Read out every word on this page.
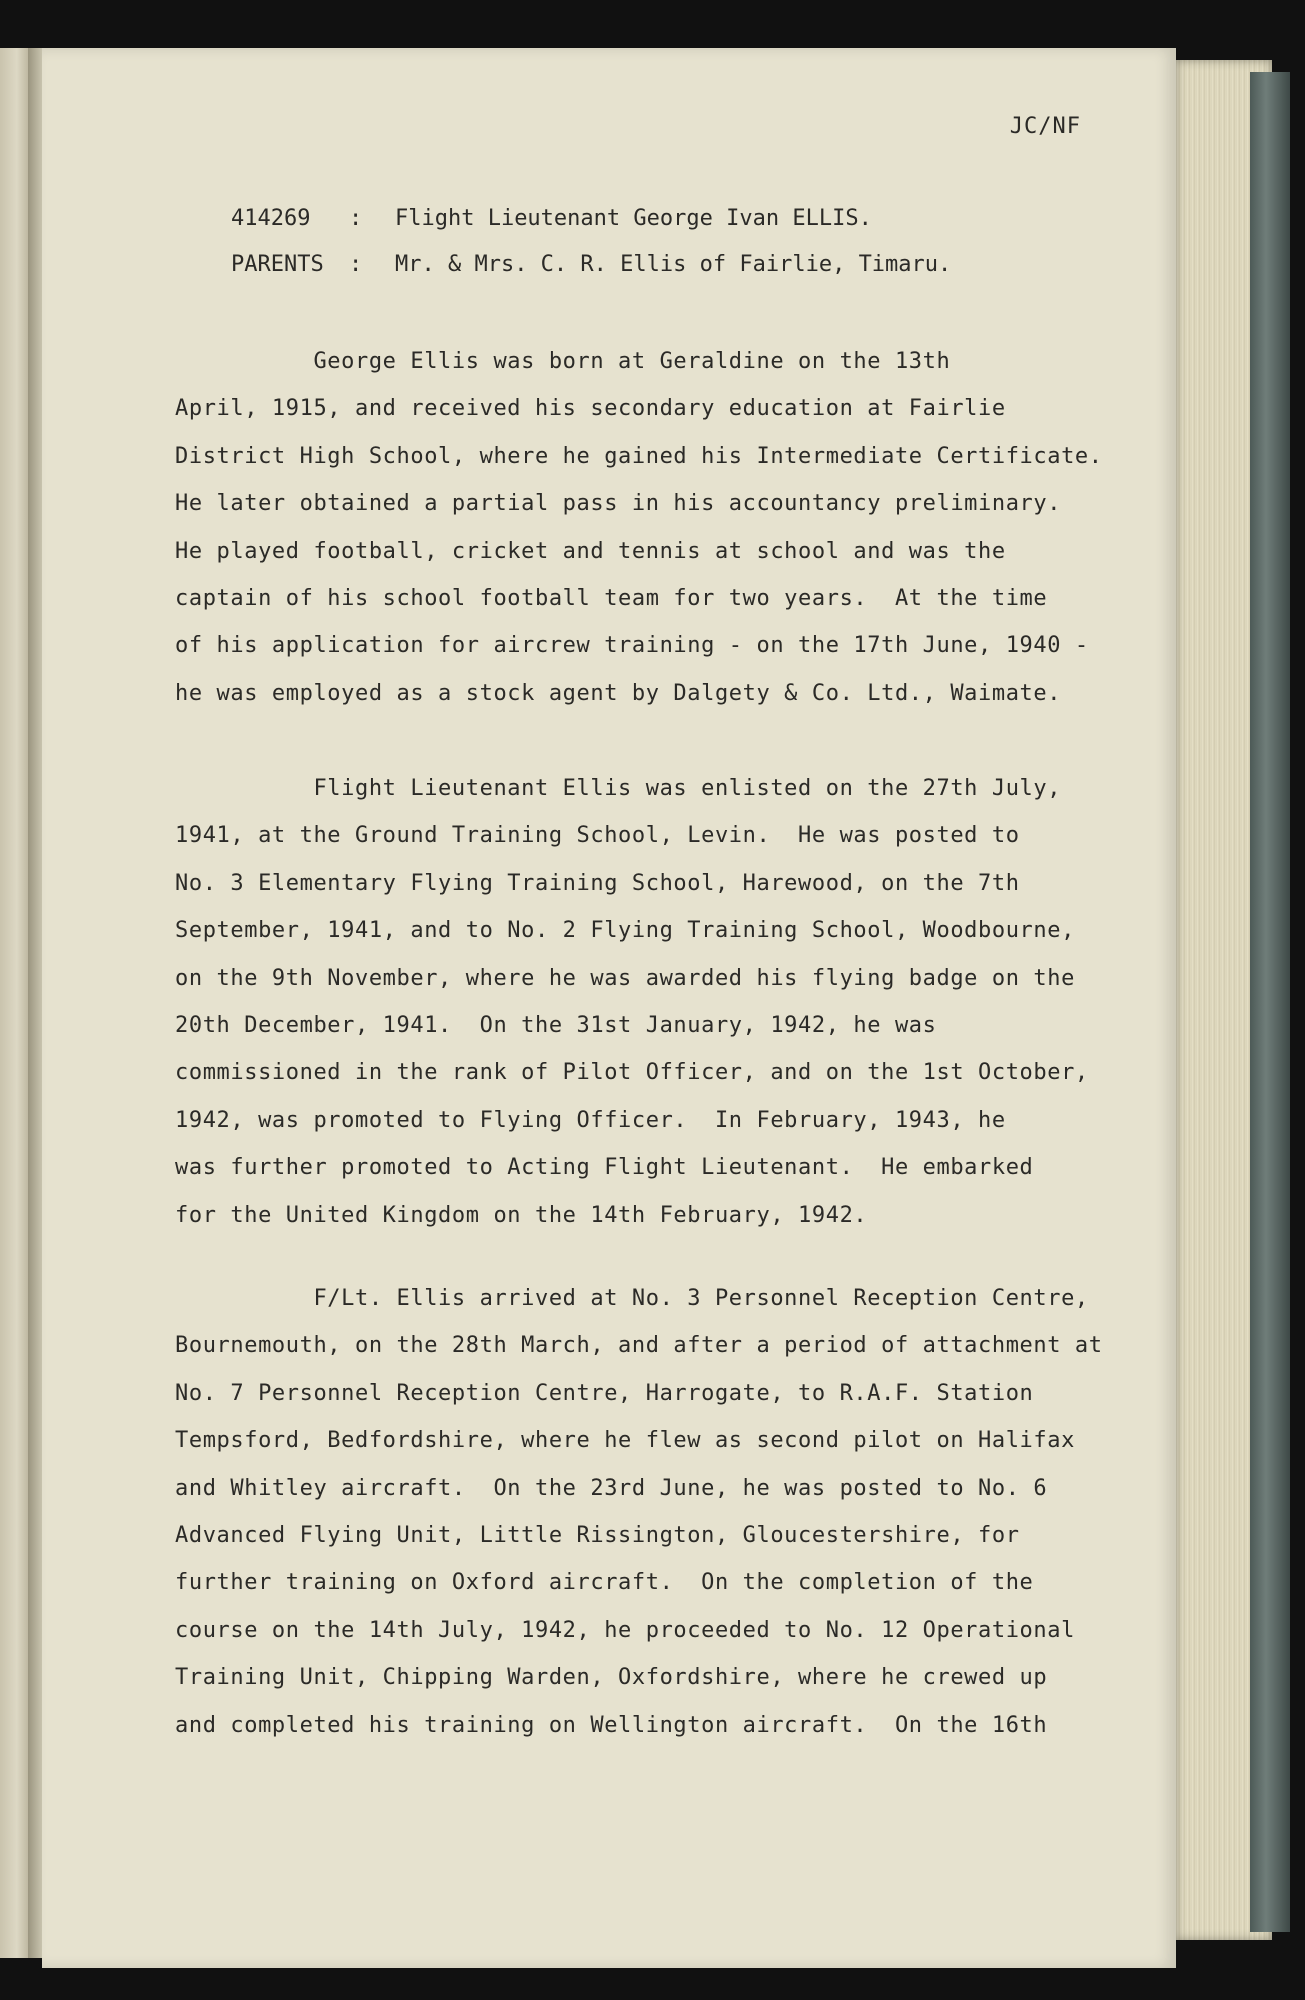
JC/NF

414269 : Flight Lieutenant George Ivan ELLIS.

PARENTS : Mr. & Mrs. C. R. Ellis of Fairlie, Timaru.

George Ellis was born at Geraldine on the 13th
April, 1915, and received his secondary education at Fairlie
District High School, where he gained his Intermediate Certificate.
He later obtained a partial pass in his accountancy preliminary.
He played football, cricket and tennis at school and was the
captain of his school football team for two years.  At the time
of his application for aircrew training - on the 17th June, 1940 -
he was employed as a stock agent by Dalgety & Co. Ltd., Waimate.
Flight Lieutenant Ellis was enlisted on the 27th July,
1941, at the Ground Training School, Levin.  He was posted to
No. 3 Elementary Flying Training School, Harewood, on the 7th
September, 1941, and to No. 2 Flying Training School, Woodbourne,
on the 9th November, where he was awarded his flying badge on the
20th December, 1941.  On the 31st January, 1942, he was
commissioned in the rank of Pilot Officer, and on the 1st October,
1942, was promoted to Flying Officer.  In February, 1943, he
was further promoted to Acting Flight Lieutenant.  He embarked
for the United Kingdom on the 14th February, 1942.
F/Lt. Ellis arrived at No. 3 Personnel Reception Centre,
Bournemouth, on the 28th March, and after a period of attachment at
No. 7 Personnel Reception Centre, Harrogate, to R.A.F. Station
Tempsford, Bedfordshire, where he flew as second pilot on Halifax
and Whitley aircraft.  On the 23rd June, he was posted to No. 6
Advanced Flying Unit, Little Rissington, Gloucestershire, for
further training on Oxford aircraft.  On the completion of the
course on the 14th July, 1942, he proceeded to No. 12 Operational
Training Unit, Chipping Warden, Oxfordshire, where he crewed up
and completed his training on Wellington aircraft.  On the 16th
